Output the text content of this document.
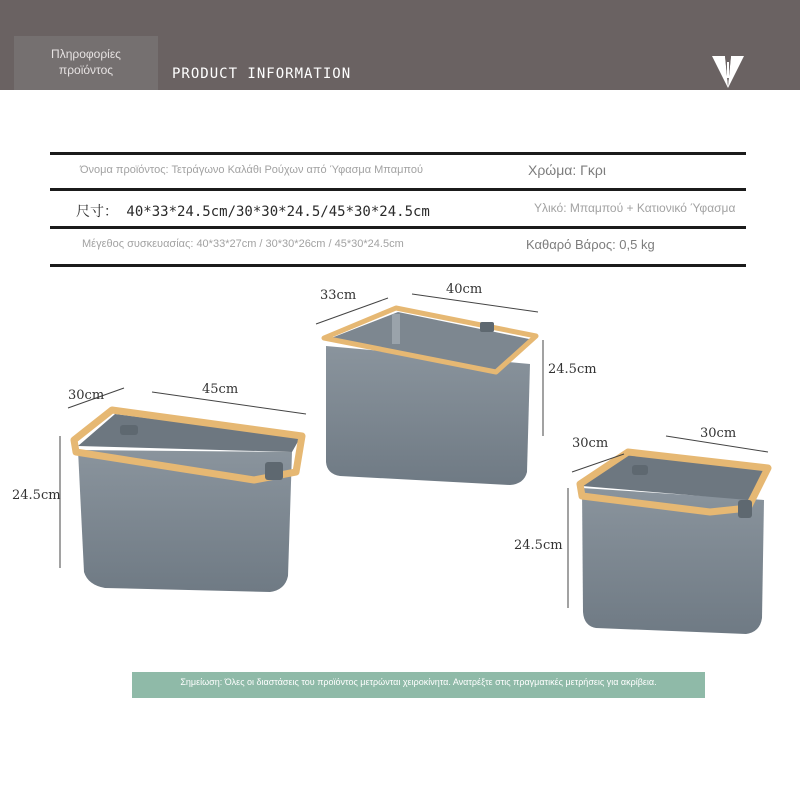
Πληροφορίες
προϊόντος	PRODUCT INFORMATION
Όνομα προϊόντος: Τετράγωνο Καλάθι Ρούχων από Ύφασμα Μπαμπού	Χρώμα: Γκρι
尺寸： 40*33*24.5cm/30*30*24.5/45*30*24.5cm	Υλικό: Μπαμπού + Κατιονικό Ύφασμα
Μέγεθος συσκευασίας: 40*33*27cm / 30*30*26cm / 45*30*24.5cm	Καθαρό Βάρος: 0,5 kg
30cm	45cm
24.5cm
33cm	40cm
24.5cm
30cm
30cm
24.5cm
Σημείωση: Όλες οι διαστάσεις του προϊόντος μετρώνται χειροκίνητα. Ανατρέξτε στις πραγματικές μετρήσεις για ακρίβεια.
